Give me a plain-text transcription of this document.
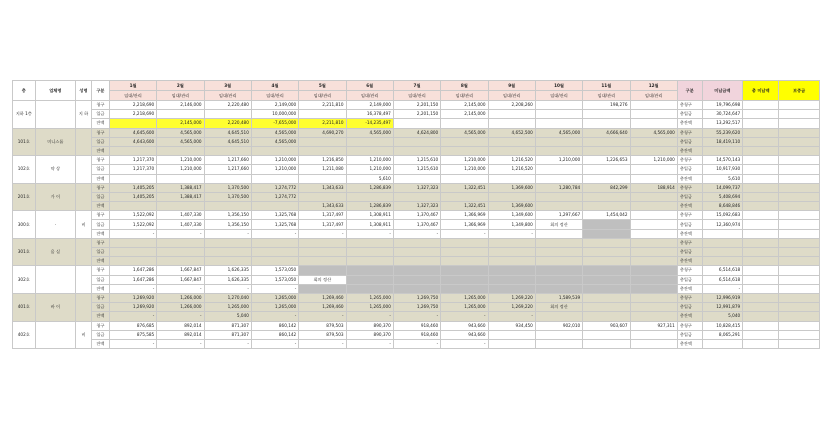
층	업체명	성명	구분	1월	2월	3월	4월	5월	6월	7월	8월	9월	10월	11월	12월	구분	미납금액	총 미납액	보증금
				임대/관리	임대/관리	임대/관리	임대/관리	임대/관리	임대/관리	임대/관리	임대/관리	임대/관리	임대/관리	임대/관리	임대/관리				
지하 1층		지 하	청구	2,218,690	2,146,000	2,220,480	2,149,000	2,211,810	2,149,000	2,201,150	2,145,000	2,208,260		198,276		총청구	19,796,698		
			입금	2,218,690			10,000,000		16,378,497	2,201,150	2,145,000					총입금	30,724,647		
			잔액		2,145,000	2,220,480	-7,655,000	2,211,810	-14,235,497							총잔액	13,292,517		
101호	미니스톱		청구	4,645,600	4,565,000	4,645,510	4,565,000	4,690,270	4,565,000	4,624,800	4,565,000	4,652,500	4,565,000	4,666,640	4,565,000	총청구	55,239,620		
			입금	4,643,600	4,565,000	4,645,510	4,565,000									총입금	18,419,110		
			잔액													총잔액			
102호	약 상		청구	1,217,370	1,210,000	1,217,660	1,210,000	1,216,850	1,210,000	1,215,610	1,210,000	1,216,520	1,210,000	1,226,653	1,210,000	총청구	14,570,143		
			입금	1,217,370	1,210,000	1,217,660	1,210,000	1,211,080	1,210,000	1,215,610	1,210,000	1,216,520				총입금	10,917,930		
			잔액						5,610							총잔액	5,610		
201호	가 이		청구	1,405,205	1,388,417	1,370,500	1,274,772	1,343,633	1,286,839	1,327,323	1,322,451	1,369,600	1,280,784	842,299	188,914	총청구	14,099,737		
			입금	1,405,205	1,388,417	1,370,500	1,274,772									총입금	5,408,694		
			잔액					1,343,633	1,286,839	1,327,323	1,322,451	1,369,600				총잔액	8,648,846		
300호	·	비	청구	1,522,092	1,407,330	1,356,150	1,325,768	1,317,497	1,308,911	1,370,467	1,366,969	1,349,600	1,297,667	1,454,042		총청구	15,092,683		
			입금	1,522,092	1,407,330	1,356,150	1,325,768	1,317,497	1,308,911	1,370,467	1,366,969	1,349,800	회의 정산			총입금	12,360,974		
			잔액	-	-	-	-	-	-	-	-	-				총잔액			
301호	음 실		청구													총청구			
			입금													총입금			
			잔액													총잔액			
302호			청구	1,647,286	1,667,847	1,626,335	1,573,050									총청구	6,514,618		
			입금	1,647,286	1,667,847	1,626,335	1,573,050	회의 정산								총입금	6,514,618		
			잔액	-	-	-	-									총잔액	-		
401호	바 이		청구	1,269,920	1,266,000	1,270,040	1,265,000	1,269,460	1,265,000	1,269,750	1,265,000	1,269,220	1,589,539			총청구	12,996,919		
			입금	1,269,920	1,266,000	1,265,000	1,265,000	1,269,460	1,265,000	1,269,750	1,265,000	1,269,220	회의 정산			총입금	12,991,879		
			잔액	-	-	5,040	-	-	-	-	-	-				총잔액	5,040		
402호		비	청구	876,685	892,014	871,307	860,142	879,503	890,370	918,460	943,660	934,450	902,010	903,607	927,311	총청구	10,828,415		
			입금	875,585	892,014	871,307	860,142	879,503	890,370	918,460	943,660					총입금	8,065,291		
			잔액	-	-	-	-	-	-	-	-					총잔액			
